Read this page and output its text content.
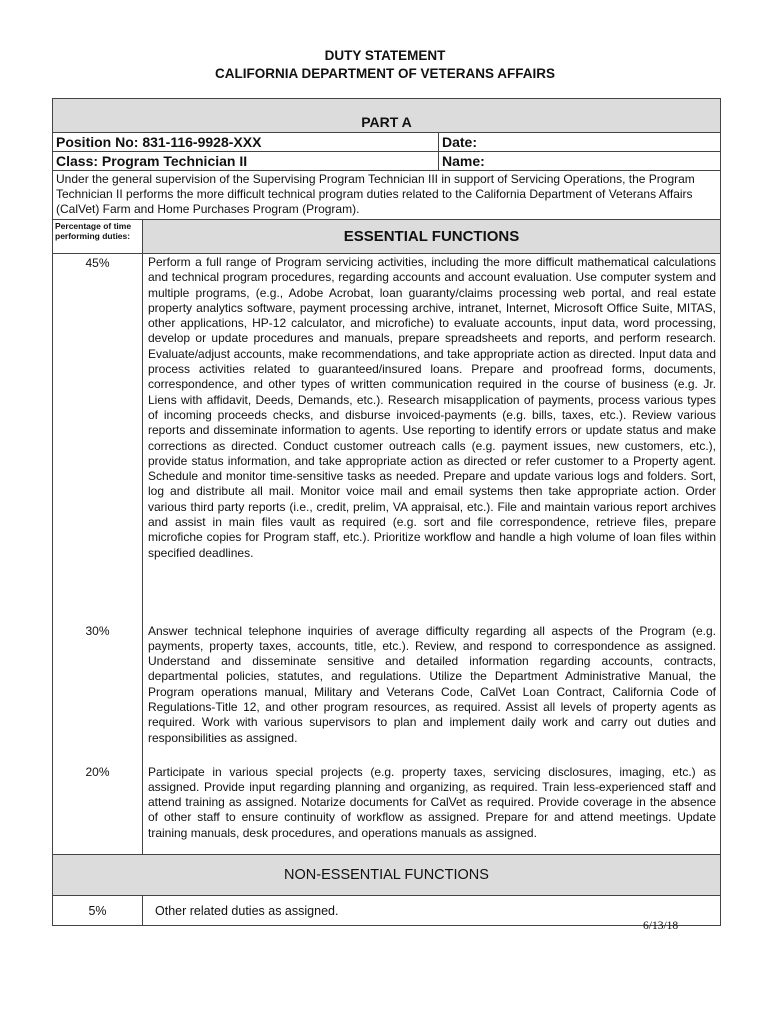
DUTY STATEMENT
CALIFORNIA DEPARTMENT OF VETERANS AFFAIRS
PART A		

Position No: 831-116-9928-XXX		Date:
Class: Program Technician II		Name:
Under the general supervision of the Supervising Program Technician III in support of Servicing Operations, the Program Technician II performs the more difficult technical program duties related to the California Department of Veterans Affairs (CalVet) Farm and Home Purchases Program (Program).		
Percentage of time performing duties:	ESSENTIAL FUNCTIONS	
45%	Perform a full range of Program servicing activities, including the more difficult mathematical calculations and technical program procedures, regarding accounts and account evaluation. Use computer system and multiple programs, (e.g., Adobe Acrobat, loan guaranty/claims processing web portal, and real estate property analytics software, payment processing archive, intranet, Internet, Microsoft Office Suite, MITAS, other applications, HP-12 calculator, and microfiche) to evaluate accounts, input data, word processing, develop or update procedures and manuals, prepare spreadsheets and reports, and perform research. Evaluate/adjust accounts, make recommendations, and take appropriate action as directed. Input data and process activities related to guaranteed/insured loans. Prepare and proofread forms, documents, correspondence, and other types of written communication required in the course of business (e.g. Jr. Liens with affidavit, Deeds, Demands, etc.). Research misapplication of payments, process various types of incoming proceeds checks, and disburse invoiced-payments (e.g. bills, taxes, etc.). Review various reports and disseminate information to agents. Use reporting to identify errors or update status and make corrections as directed. Conduct customer outreach calls (e.g. payment issues, new customers, etc.), provide status information, and take appropriate action as directed or refer customer to a Property agent. Schedule and monitor time-sensitive tasks as needed. Prepare and update various logs and folders. Sort, log and distribute all mail. Monitor voice mail and email systems then take appropriate action. Order various third party reports (i.e., credit, prelim, VA appraisal, etc.). File and maintain various report archives and assist in main files vault as required (e.g. sort and file correspondence, retrieve files, prepare microfiche copies for Program staff, etc.). Prioritize workflow and handle a high volume of loan files within specified deadlines.	
30%	Answer technical telephone inquiries of average difficulty regarding all aspects of the Program (e.g. payments, property taxes, accounts, title, etc.). Review, and respond to correspondence as assigned. Understand and disseminate sensitive and detailed information regarding accounts, contracts, departmental policies, statutes, and regulations. Utilize the Department Administrative Manual, the Program operations manual, Military and Veterans Code, CalVet Loan Contract, California Code of Regulations-Title 12, and other program resources, as required. Assist all levels of property agents as required. Work with various supervisors to plan and implement daily work and carry out duties and responsibilities as assigned.	
20%	Participate in various special projects (e.g. property taxes, servicing disclosures, imaging, etc.) as assigned. Provide input regarding planning and organizing, as required. Train less-experienced staff and attend training as assigned. Notarize documents for CalVet as required. Provide coverage in the absence of other staff to ensure continuity of workflow as assigned. Prepare for and attend meetings. Update training manuals, desk procedures, and operations manuals as assigned.	
NON-ESSENTIAL FUNCTIONS		
5%	Other related duties as assigned.	
6/13/18
